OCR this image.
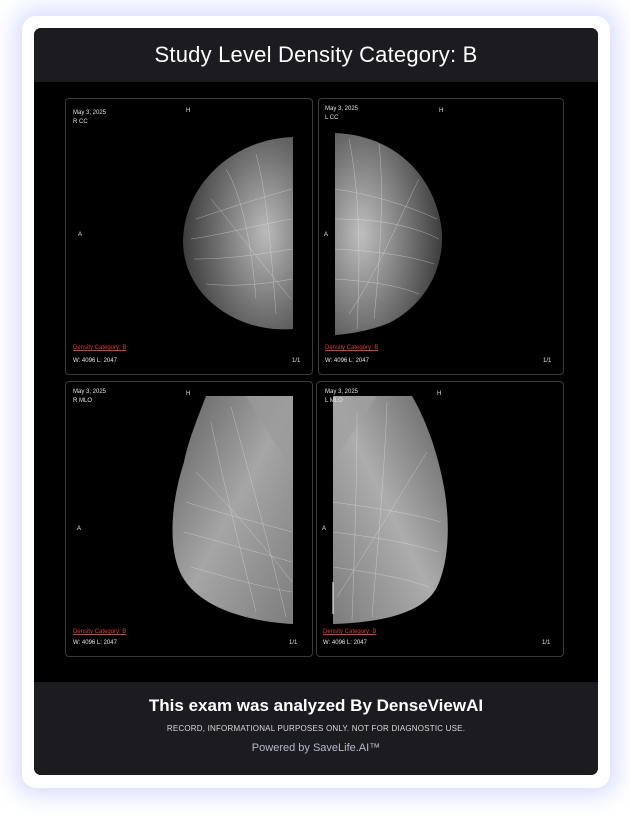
Study Level Density Category: B
May 3, 2025
R CC
H
A
Density Category: B
W: 4096 L: 2047	1/1
May 3, 2025
L CC
H
A
Density Category: B
W: 4096 L: 2047	1/1
May 3, 2025
R MLO
H
A
Density Category: B
W: 4096 L: 2047	1/1
May 3, 2025
L MLO
H
A
Density Category: B
W: 4096 L: 2047	1/1
This exam was analyzed By DenseViewAI
RECORD, INFORMATIONAL PURPOSES ONLY. NOT FOR DIAGNOSTIC USE.
Powered by SaveLife.AI™
